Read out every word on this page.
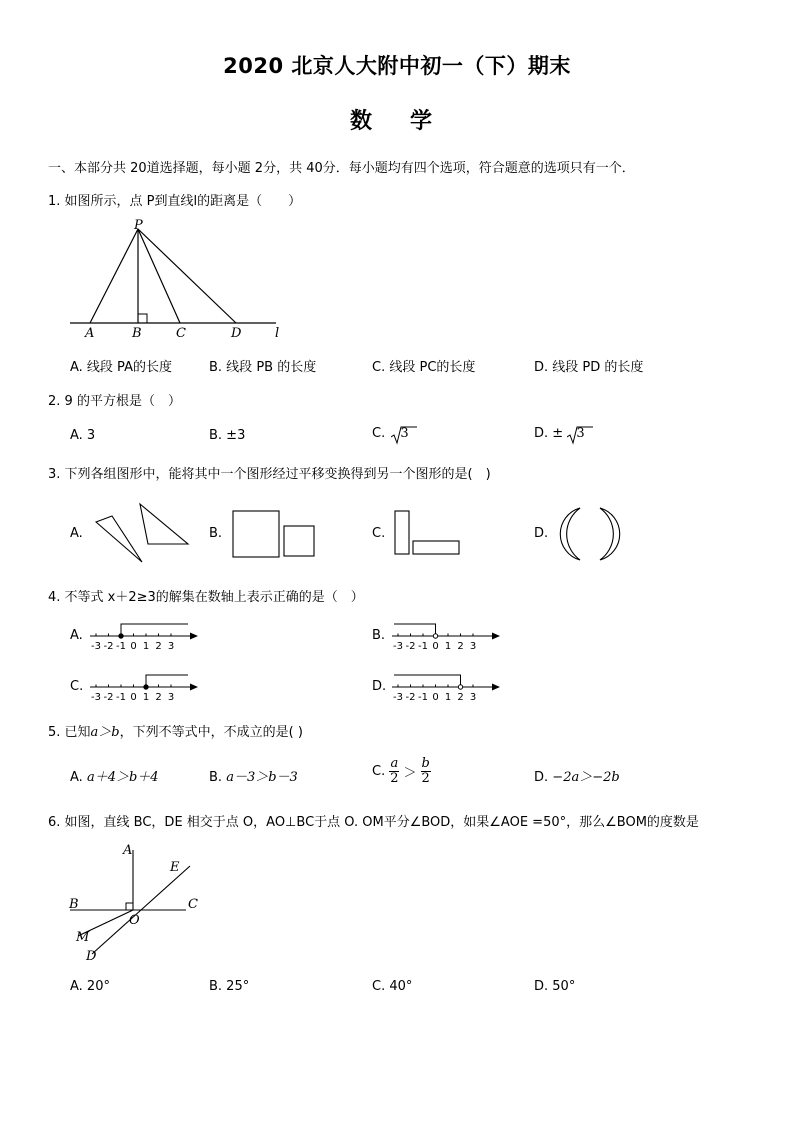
2020 北京人大附中初一（下）期末
数学
一、本部分共 20道选择题，每小题 2分，共 40分．每小题均有四个选项，符合题意的选项只有一个．
1. 如图所示，点 P到直线l的距离是（　　）
P
A	B	C	D	l
A. 线段 PA的长度	B. 线段 PB 的长度	C. 线段 PC的长度	D. 线段 PD 的长度
2. 9 的平方根是（　）
A. 3	B. ±3	C. 3	D. ± 3
3. 下列各组图形中，能将其中一个图形经过平移变换得到另一个图形的是(　)
A.	B.	C.	D.
4. 不等式 x＋2≥3的解集在数轴上表示正确的是（　）
A.
-3 -2 -1 0 1 2 3
B.
-3 -2 -1 0 1 2 3
C.
-3 -2 -1 0 1 2 3
D.
-3 -2 -1 0 1 2 3
5. 已知a＞b，下列不等式中，不成立的是( )
A. a＋4＞b＋4	B. a－3＞b－3	C. $\frac{a}{2} > \frac{b}{2}$	D. −2a＞−2b
6. 如图，直线 BC，DE 相交于点 O，AO⊥BC于点 O. OM平分∠BOD，如果∠AOE =50°，那么∠BOM的度数是
A
E
B	C
O
M
D
A. 20°	B. 25°	C. 40°	D. 50°
